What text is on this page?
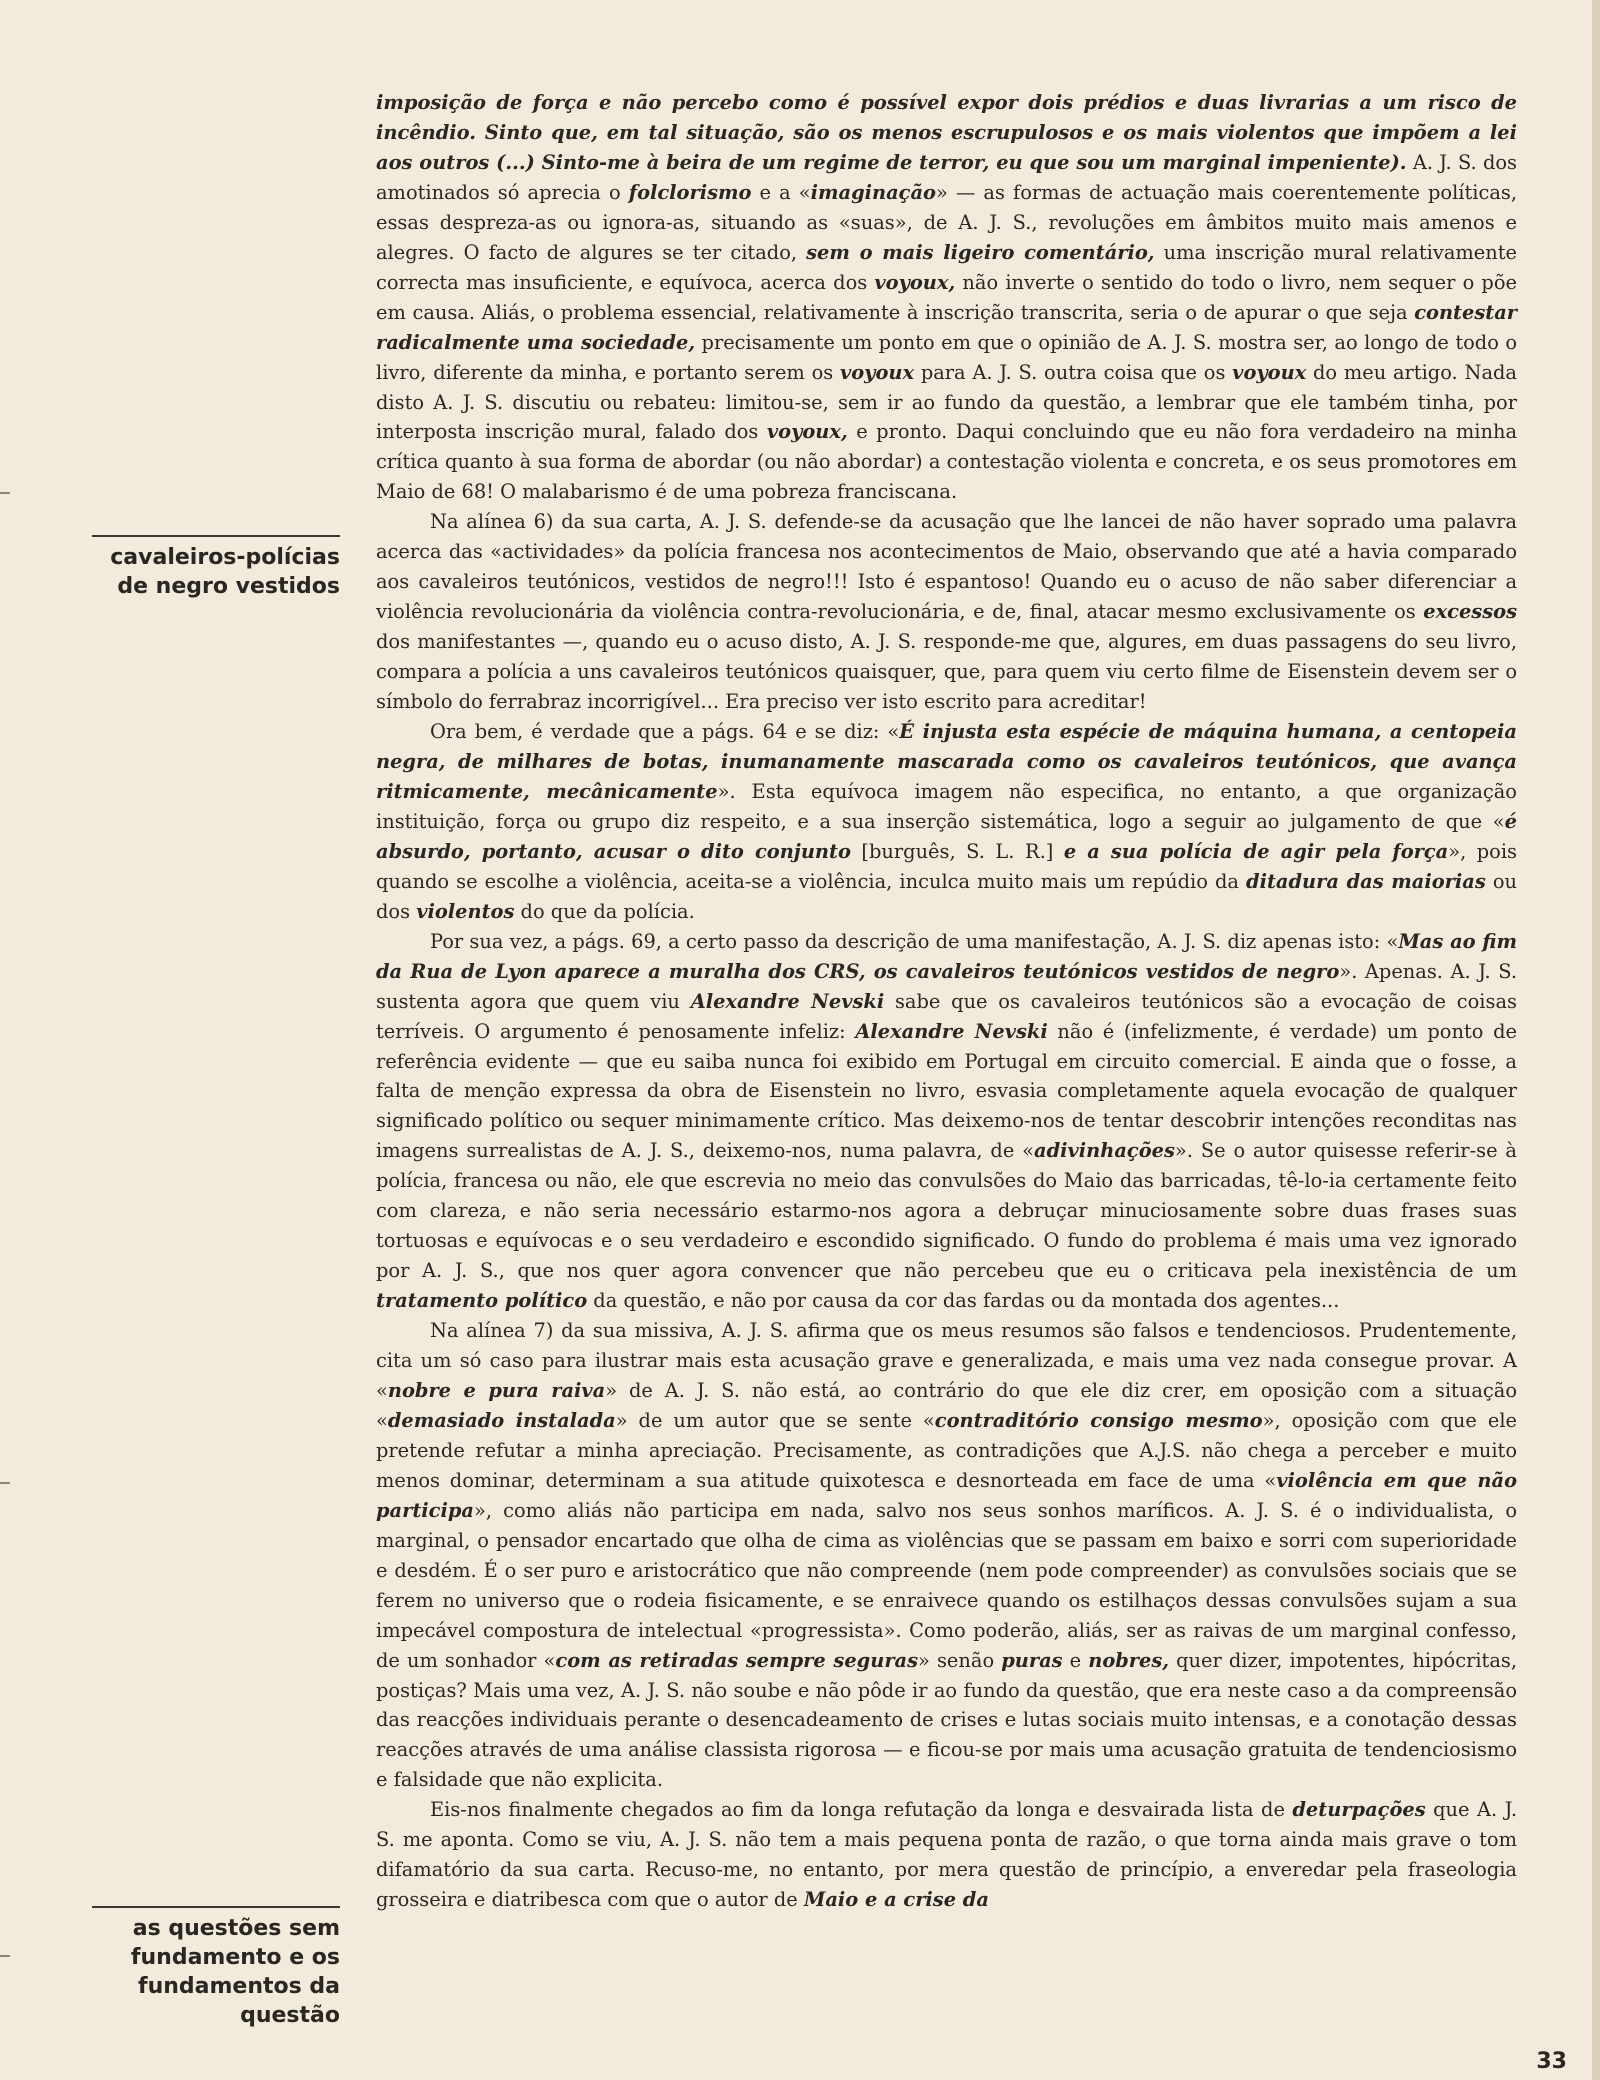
cavaleiros-polícias de negro vestidos
as questões sem fundamento e os fundamentos da questão

imposição de força e não percebo como é possível expor dois prédios e duas livrarias a um risco de incêndio. Sinto que, em tal situação, são os menos escrupulosos e os mais violentos que impõem a lei aos outros (...) Sinto-me à beira de um regime de terror, eu que sou um marginal impeniente). A. J. S. dos amotinados só aprecia o folclorismo e a «imaginação» — as formas de actuação mais coerentemente políticas, essas despreza-as ou ignora-as, situando as «suas», de A. J. S., revoluções em âmbitos muito mais amenos e alegres. O facto de algures se ter citado, sem o mais ligeiro comentário, uma inscrição mural relativamente correcta mas insuficiente, e equívoca, acerca dos voyoux, não inverte o sentido do todo o livro, nem sequer o põe em causa. Aliás, o problema essencial, relativamente à inscrição transcrita, seria o de apurar o que seja contestar radicalmente uma sociedade, precisamente um ponto em que o opinião de A. J. S. mostra ser, ao longo de todo o livro, diferente da minha, e portanto serem os voyoux para A. J. S. outra coisa que os voyoux do meu artigo. Nada disto A. J. S. discutiu ou rebateu: limitou-se, sem ir ao fundo da questão, a lembrar que ele também tinha, por interposta inscrição mural, falado dos voyoux, e pronto. Daqui concluindo que eu não fora verdadeiro na minha crítica quanto à sua forma de abordar (ou não abordar) a contestação violenta e concreta, e os seus promotores em Maio de 68! O malabarismo é de uma pobreza franciscana.

Na alínea 6) da sua carta, A. J. S. defende-se da acusação que lhe lancei de não haver soprado uma palavra acerca das «actividades» da polícia francesa nos acontecimentos de Maio, observando que até a havia comparado aos cavaleiros teutónicos, vestidos de negro!!! Isto é espantoso! Quando eu o acuso de não saber diferenciar a violência revolucionária da violência contra-revolucionária, e de, final, atacar mesmo exclusivamente os excessos dos manifestantes —, quando eu o acuso disto, A. J. S. responde-me que, algures, em duas passagens do seu livro, compara a polícia a uns cavaleiros teutónicos quaisquer, que, para quem viu certo filme de Eisenstein devem ser o símbolo do ferrabraz incorrigível... Era preciso ver isto escrito para acreditar!

Ora bem, é verdade que a págs. 64 e se diz: «É injusta esta espécie de máquina humana, a centopeia negra, de milhares de botas, inumanamente mascarada como os cavaleiros teutónicos, que avança ritmicamente, mecânicamente». Esta equívoca imagem não especifica, no entanto, a que organização instituição, força ou grupo diz respeito, e a sua inserção sistemática, logo a seguir ao julgamento de que «é absurdo, portanto, acusar o dito conjunto [burguês, S. L. R.] e a sua polícia de agir pela força», pois quando se escolhe a violência, aceita-se a violência, inculca muito mais um repúdio da ditadura das maiorias ou dos violentos do que da polícia.

Por sua vez, a págs. 69, a certo passo da descrição de uma manifestação, A. J. S. diz apenas isto: «Mas ao fim da Rua de Lyon aparece a muralha dos CRS, os cavaleiros teutónicos vestidos de negro». Apenas. A. J. S. sustenta agora que quem viu Alexandre Nevski sabe que os cavaleiros teutónicos são a evocação de coisas terríveis. O argumento é penosamente infeliz: Alexandre Nevski não é (infelizmente, é verdade) um ponto de referência evidente — que eu saiba nunca foi exibido em Portugal em circuito comercial. E ainda que o fosse, a falta de menção expressa da obra de Eisenstein no livro, esvasia completamente aquela evocação de qualquer significado político ou sequer minimamente crítico. Mas deixemo-nos de tentar descobrir intenções reconditas nas imagens surrealistas de A. J. S., deixemo-nos, numa palavra, de «adivinhações». Se o autor quisesse referir-se à polícia, francesa ou não, ele que escrevia no meio das convulsões do Maio das barricadas, tê-lo-ia certamente feito com clareza, e não seria necessário estarmo-nos agora a debruçar minuciosamente sobre duas frases suas tortuosas e equívocas e o seu verdadeiro e escondido significado. O fundo do problema é mais uma vez ignorado por A. J. S., que nos quer agora convencer que não percebeu que eu o criticava pela inexistência de um tratamento político da questão, e não por causa da cor das fardas ou da montada dos agentes...

Na alínea 7) da sua missiva, A. J. S. afirma que os meus resumos são falsos e tendenciosos. Prudentemente, cita um só caso para ilustrar mais esta acusação grave e generalizada, e mais uma vez nada consegue provar. A «nobre e pura raiva» de A. J. S. não está, ao contrário do que ele diz crer, em oposição com a situação «demasiado instalada» de um autor que se sente «contraditório consigo mesmo», oposição com que ele pretende refutar a minha apreciação. Precisamente, as contradições que A.J.S. não chega a perceber e muito menos dominar, determinam a sua atitude quixotesca e desnorteada em face de uma «violência em que não participa», como aliás não participa em nada, salvo nos seus sonhos maríficos. A. J. S. é o individualista, o marginal, o pensador encartado que olha de cima as violências que se passam em baixo e sorri com superioridade e desdém. É o ser puro e aristocrático que não compreende (nem pode compreender) as convulsões sociais que se ferem no universo que o rodeia fisicamente, e se enraivece quando os estilhaços dessas convulsões sujam a sua impecável compostura de intelectual «progressista». Como poderão, aliás, ser as raivas de um marginal confesso, de um sonhador «com as retiradas sempre seguras» senão puras e nobres, quer dizer, impotentes, hipócritas, postiças? Mais uma vez, A. J. S. não soube e não pôde ir ao fundo da questão, que era neste caso a da compreensão das reacções individuais perante o desencadeamento de crises e lutas sociais muito intensas, e a conotação dessas reacções através de uma análise classista rigorosa — e ficou-se por mais uma acusação gratuita de tendenciosismo e falsidade que não explicita.

Eis-nos finalmente chegados ao fim da longa refutação da longa e desvairada lista de deturpações que A. J. S. me aponta. Como se viu, A. J. S. não tem a mais pequena ponta de razão, o que torna ainda mais grave o tom difamatório da sua carta. Recuso-me, no entanto, por mera questão de princípio, a enveredar pela fraseologia grosseira e diatribesca com que o autor de Maio e a crise da

33
